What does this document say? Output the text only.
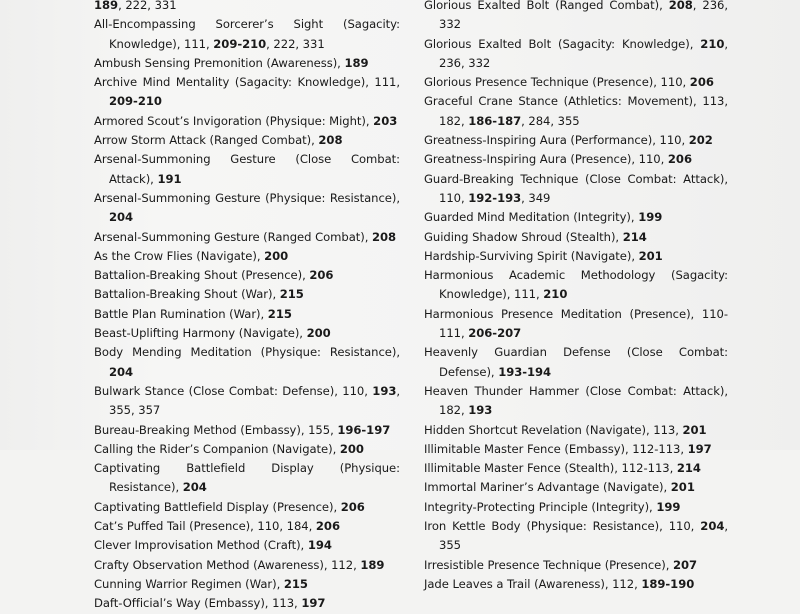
189, 222, 331
All-Encompassing Sorcerer’s Sight (Sagacity: Knowledge), 111, 209-210, 222, 331
Ambush Sensing Premonition (Awareness), 189
Archive Mind Mentality (Sagacity: Knowledge), 111, 209-210
Armored Scout’s Invigoration (Physique: Might), 203
Arrow Storm Attack (Ranged Combat), 208
Arsenal-Summoning Gesture (Close Combat: Attack), 191
Arsenal-Summoning Gesture (Physique: Resistance), 204
Arsenal-Summoning Gesture (Ranged Combat), 208
As the Crow Flies (Navigate), 200
Battalion-Breaking Shout (Presence), 206
Battalion-Breaking Shout (War), 215
Battle Plan Rumination (War), 215
Beast-Uplifting Harmony (Navigate), 200
Body Mending Meditation (Physique: Resistance), 204
Bulwark Stance (Close Combat: Defense), 110, 193, 355, 357
Bureau-Breaking Method (Embassy), 155, 196-197
Calling the Rider’s Companion (Navigate), 200
Captivating Battlefield Display (Physique: Resistance), 204
Captivating Battlefield Display (Presence), 206
Cat’s Puffed Tail (Presence), 110, 184, 206
Clever Improvisation Method (Craft), 194
Crafty Observation Method (Awareness), 112, 189
Cunning Warrior Regimen (War), 215
Daft-Official’s Way (Embassy), 113, 197
Glorious Exalted Bolt (Ranged Combat), 208, 236, 332
Glorious Exalted Bolt (Sagacity: Knowledge), 210, 236, 332
Glorious Presence Technique (Presence), 110, 206
Graceful Crane Stance (Athletics: Movement), 113, 182, 186-187, 284, 355
Greatness-Inspiring Aura (Performance), 110, 202
Greatness-Inspiring Aura (Presence), 110, 206
Guard-Breaking Technique (Close Combat: Attack), 110, 192-193, 349
Guarded Mind Meditation (Integrity), 199
Guiding Shadow Shroud (Stealth), 214
Hardship-Surviving Spirit (Navigate), 201
Harmonious Academic Methodology (Sagacity: Knowledge), 111, 210
Harmonious Presence Meditation (Presence), 110-111, 206-207
Heavenly Guardian Defense (Close Combat: Defense), 193-194
Heaven Thunder Hammer (Close Combat: Attack), 182, 193
Hidden Shortcut Revelation (Navigate), 113, 201
Illimitable Master Fence (Embassy), 112-113, 197
Illimitable Master Fence (Stealth), 112-113, 214
Immortal Mariner’s Advantage (Navigate), 201
Integrity-Protecting Principle (Integrity), 199
Iron Kettle Body (Physique: Resistance), 110, 204, 355
Irresistible Presence Technique (Presence), 207
Jade Leaves a Trail (Awareness), 112, 189-190
